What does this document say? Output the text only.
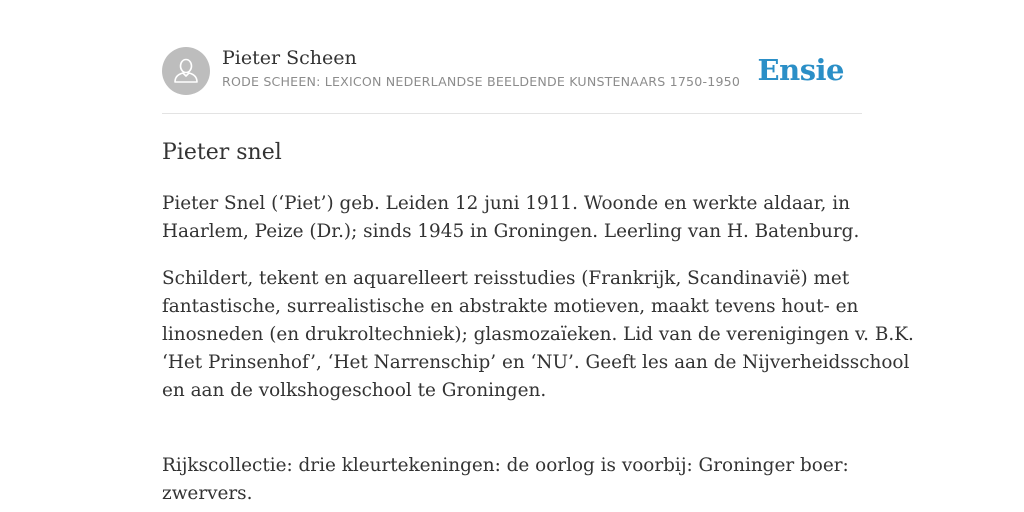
Pieter Scheen
RODE SCHEEN: LEXICON NEDERLANDSE BEELDENDE KUNSTENAARS 1750-1950 Ensie
Pieter snel

Pieter Snel (‘Piet’) geb. Leiden 12 juni 1911. Woonde en werkte aldaar, in
Haarlem, Peize (Dr.); sinds 1945 in Groningen. Leerling van H. Batenburg.

Schildert, tekent en aquarelleert reisstudies (Frankrijk, Scandinavië) met
fantastische, surrealistische en abstrakte motieven, maakt tevens hout- en
linosneden (en drukroltechniek); glasmozaïeken. Lid van de verenigingen v. B.K.
‘Het Prinsenhof’, ‘Het Narrenschip’ en ‘NU’. Geeft les aan de Nijverheidsschool
en aan de volkshogeschool te Groningen.

Rijkscollectie: drie kleurtekeningen: de oorlog is voorbij: Groninger boer:
zwervers.
